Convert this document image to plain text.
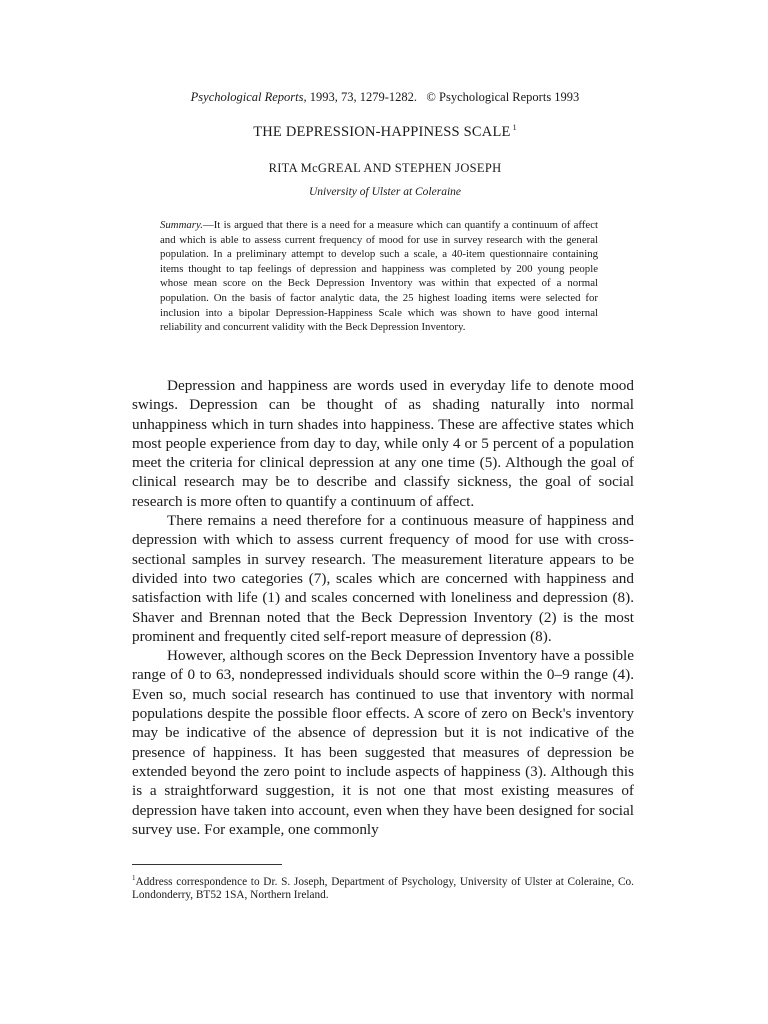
Psychological Reports, 1993, 73, 1279-1282. © Psychological Reports 1993
THE DEPRESSION-HAPPINESS SCALE $^1$
RITA McGREAL AND STEPHEN JOSEPH
University of Ulster at Coleraine
Summary.—It is argued that there is a need for a measure which can quantify a continuum of affect and which is able to assess current frequency of mood for use in survey research with the general population. In a preliminary attempt to develop such a scale, a 40-item questionnaire containing items thought to tap feelings of depression and happiness was completed by 200 young people whose mean score on the Beck Depression Inventory was within that expected of a normal population. On the basis of factor analytic data, the 25 highest loading items were selected for inclusion into a bipolar Depression-Happiness Scale which was shown to have good internal reliability and concurrent validity with the Beck Depression Inventory.

Depression and happiness are words used in everyday life to denote mood swings. Depression can be thought of as shading naturally into normal unhappiness which in turn shades into happiness. These are affective states which most people experience from day to day, while only 4 or 5 percent of a population meet the criteria for clinical depression at any one time (5). Although the goal of clinical research may be to describe and classify sickness, the goal of social research is more often to quantify a continuum of affect.

There remains a need therefore for a continuous measure of happiness and depression with which to assess current frequency of mood for use with cross-sectional samples in survey research. The measurement literature appears to be divided into two categories (7), scales which are concerned with happiness and satisfaction with life (1) and scales concerned with loneliness and depression (8). Shaver and Brennan noted that the Beck Depression Inventory (2) is the most prominent and frequently cited self-report measure of depression (8).

However, although scores on the Beck Depression Inventory have a possible range of 0 to 63, nondepressed individuals should score within the 0–9 range (4). Even so, much social research has continued to use that inventory with normal populations despite the possible floor effects. A score of zero on Beck's inventory may be indicative of the absence of depression but it is not indicative of the presence of happiness. It has been suggested that measures of depression be extended beyond the zero point to include aspects of happiness (3). Although this is a straightforward suggestion, it is not one that most existing measures of depression have taken into account, even when they have been designed for social survey use. For example, one commonly

$^1$Address correspondence to Dr. S. Joseph, Department of Psychology, University of Ulster at Coleraine, Co. Londonderry, BT52 1SA, Northern Ireland.
